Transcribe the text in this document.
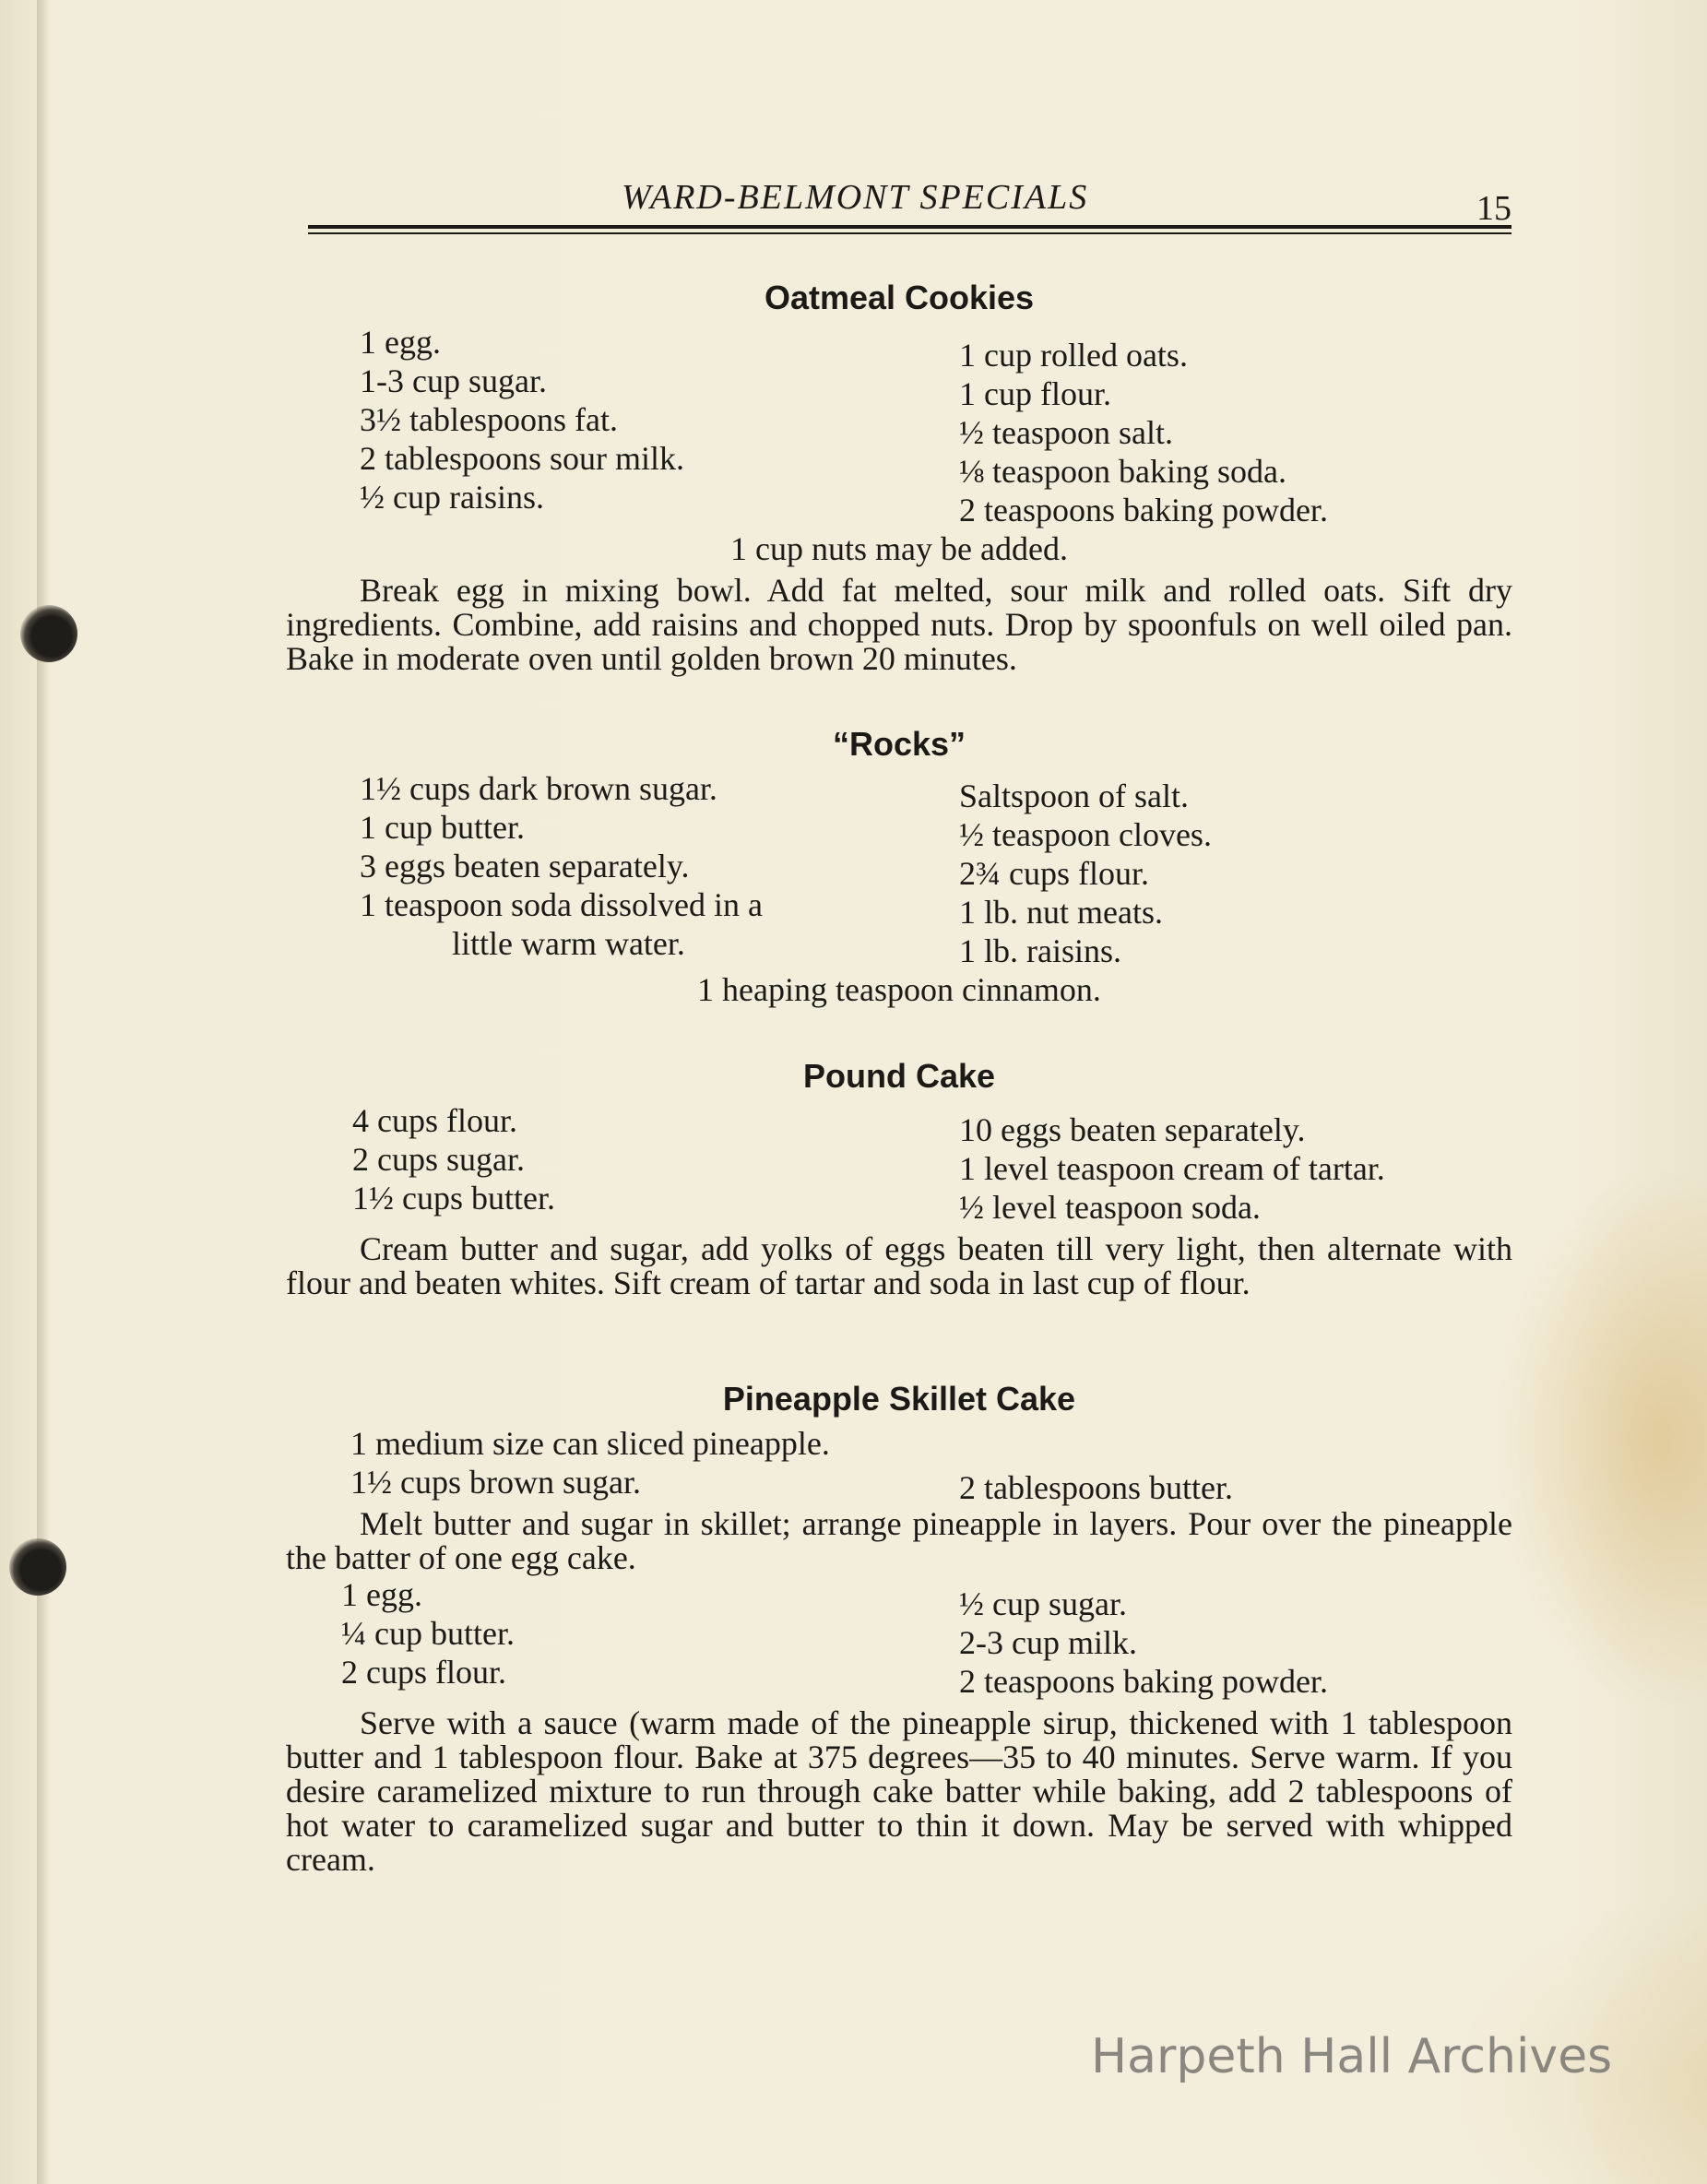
WARD-BELMONT SPECIALS	15
Oatmeal Cookies
1 egg.
1-3 cup sugar.
3½ tablespoons fat.
2 tablespoons sour milk.
½ cup raisins.
1 cup rolled oats.
1 cup flour.
½ teaspoon salt.
⅛ teaspoon baking soda.
2 teaspoons baking powder.
1 cup nuts may be added.

Break egg in mixing bowl. Add fat melted, sour milk and rolled oats. Sift dry ingredients. Combine, add raisins and chopped nuts. Drop by spoonfuls on well oiled pan. Bake in moderate oven until golden brown 20 minutes.

“Rocks”
1½ cups dark brown sugar.
1 cup butter.
3 eggs beaten separately.
1 teaspoon soda dissolved in a
little warm water.
Saltspoon of salt.
½ teaspoon cloves.
2¾ cups flour.
1 lb. nut meats.
1 lb. raisins.
1 heaping teaspoon cinnamon.
Pound Cake
4 cups flour.
2 cups sugar.
1½ cups butter.
10 eggs beaten separately.
1 level teaspoon cream of tartar.
½ level teaspoon soda.

Cream butter and sugar, add yolks of eggs beaten till very light, then alternate with flour and beaten whites. Sift cream of tartar and soda in last cup of flour.

Pineapple Skillet Cake
1 medium size can sliced pineapple.
1½ cups brown sugar.	2 tablespoons butter.

Melt butter and sugar in skillet; arrange pineapple in layers. Pour over the pineapple the batter of one egg cake.

1 egg.
¼ cup butter.
2 cups flour.
½ cup sugar.
2-3 cup milk.
2 teaspoons baking powder.

Serve with a sauce (warm made of the pineapple sirup, thickened with 1 tablespoon butter and 1 tablespoon flour. Bake at 375 degrees—35 to 40 minutes. Serve warm. If you desire caramelized mixture to run through cake batter while baking, add 2 tablespoons of hot water to caramelized sugar and butter to thin it down. May be served with whipped cream.

Harpeth Hall Archives
